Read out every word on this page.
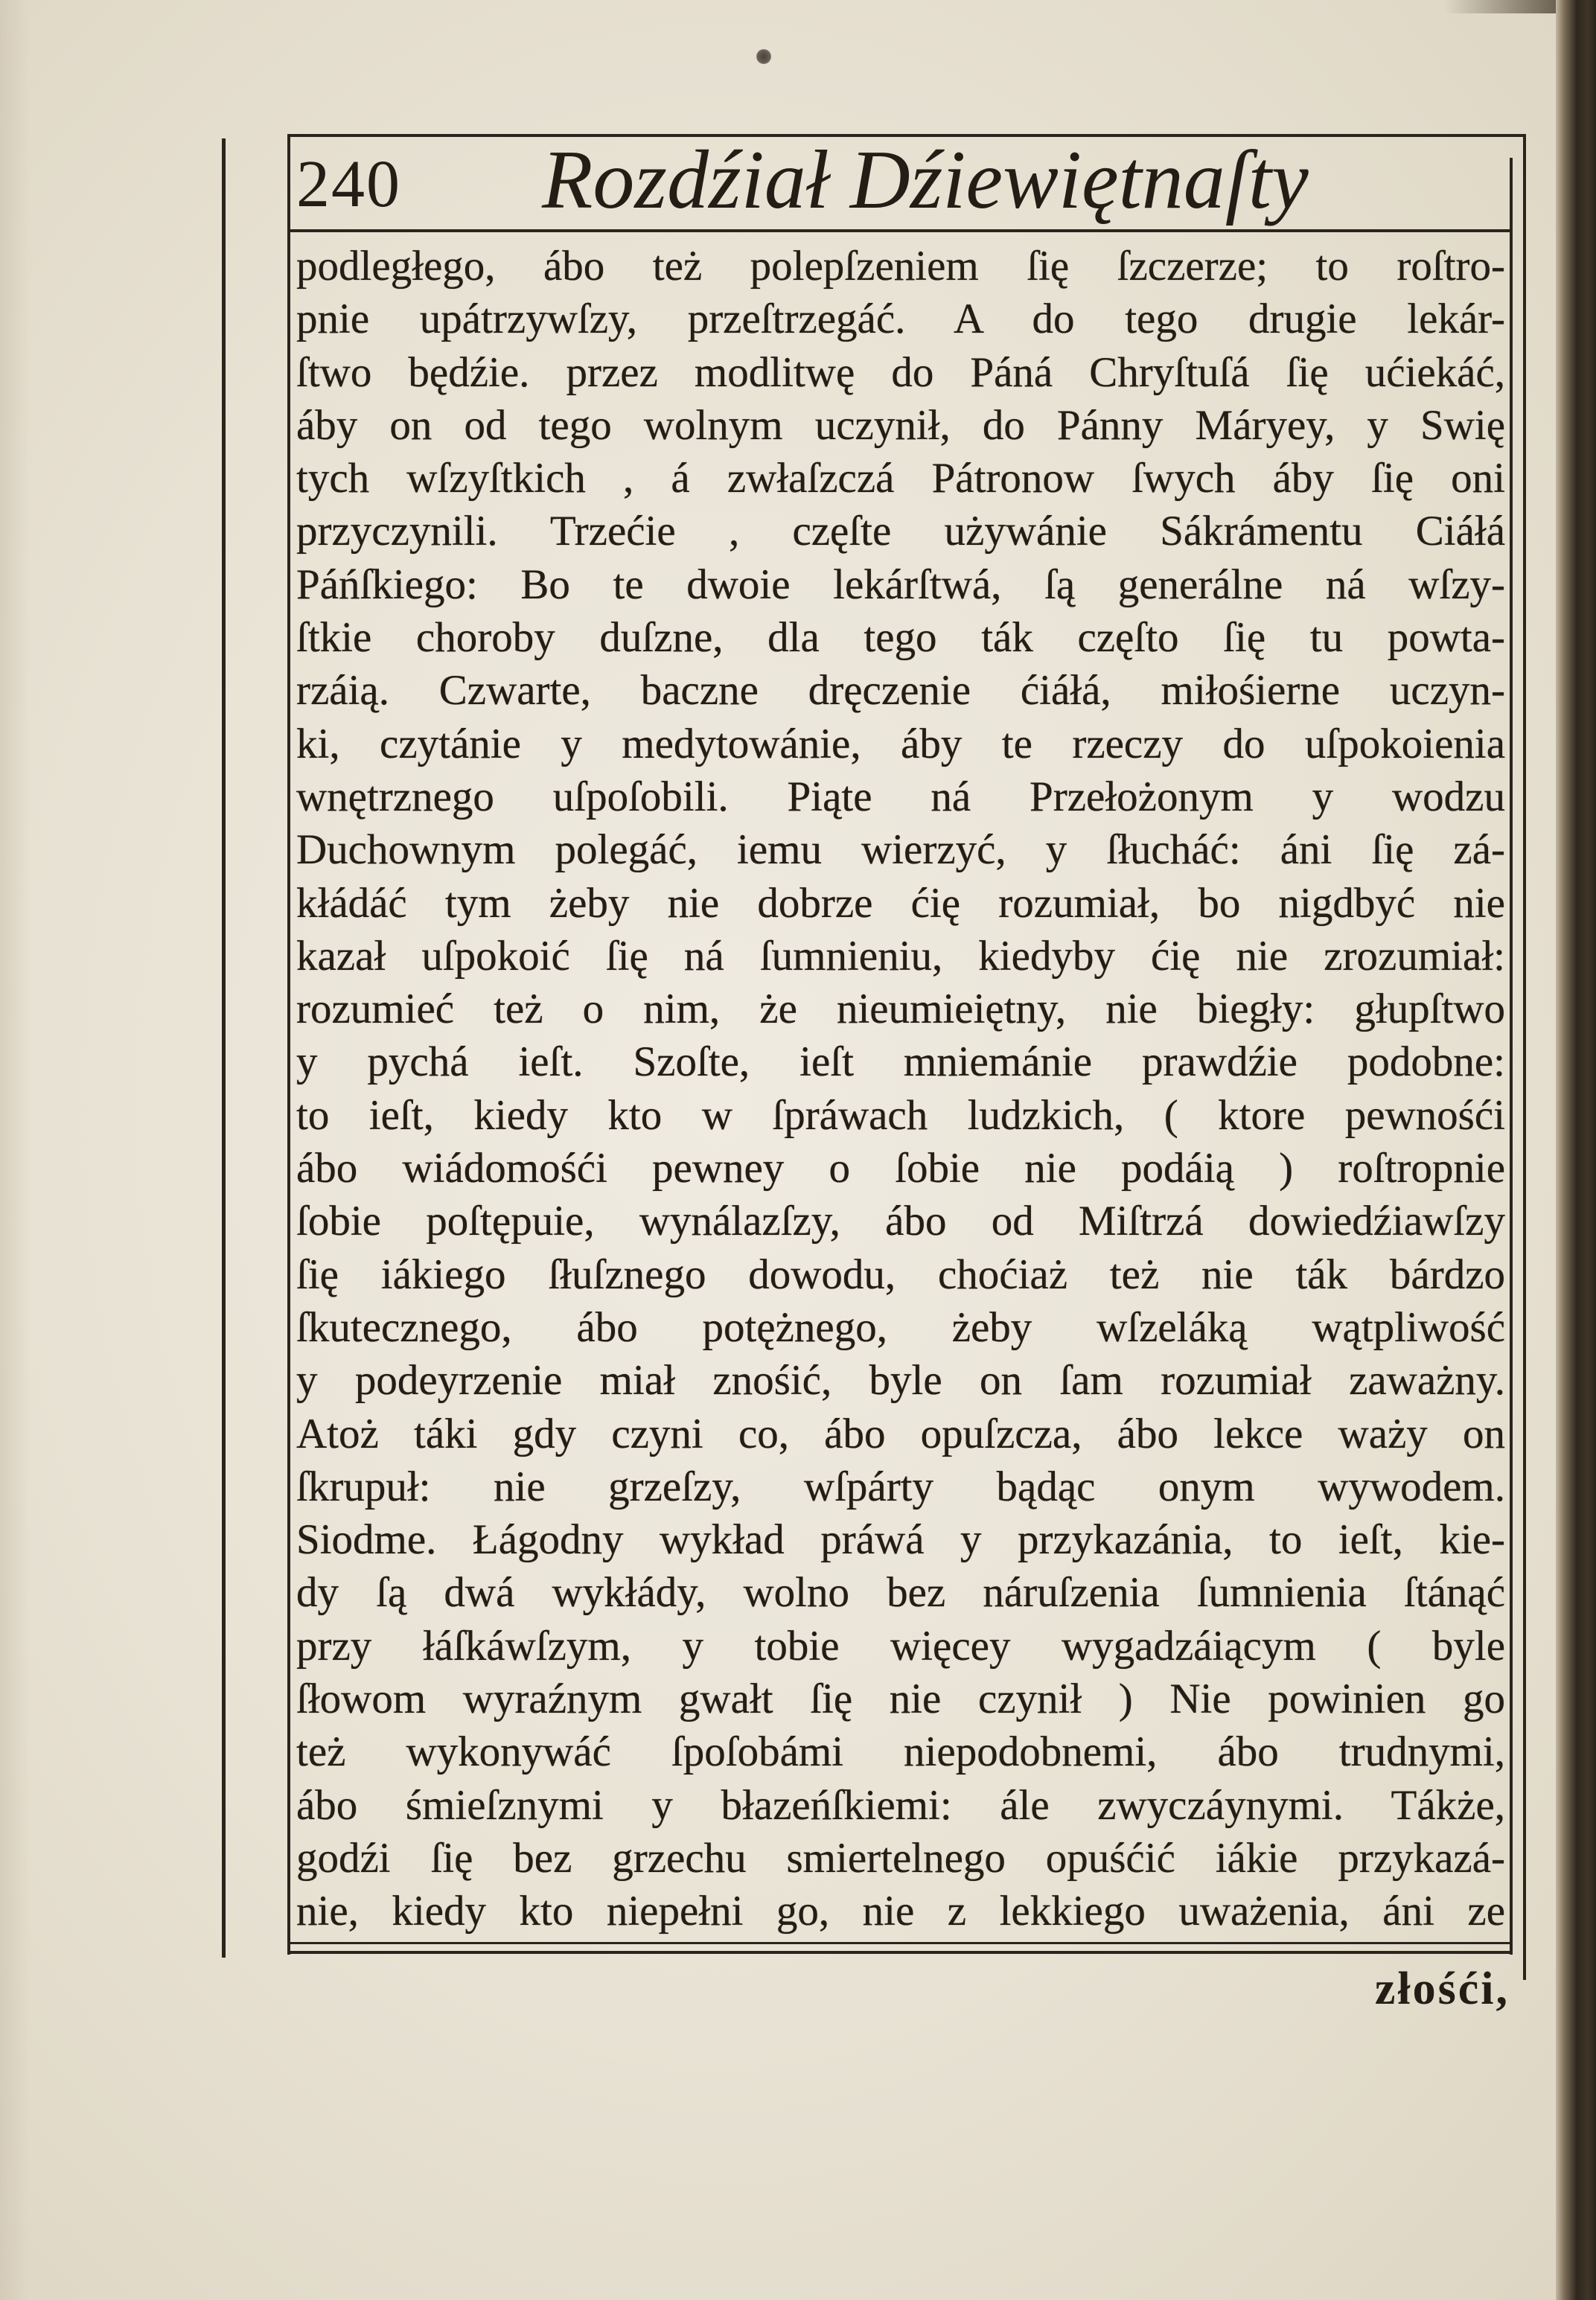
240 Rozdźiał Dźiewiętnaſty
podległego, ábo też polepſzeniem ſię ſzczerze; to roſtro-
pnie upátrzywſzy, przeſtrzegáć. A do tego drugie lekár-
ſtwo będźie. przez modlitwę do Páná Chryſtuſá ſię ućiekáć,
áby on od tego wolnym uczynił, do Pánny Máryey, y Swię
tych wſzyſtkich , á zwłaſzczá Pátronow ſwych áby ſię oni
przyczynili. Trzećie , częſte używánie Sákrámentu Ciáłá
Páńſkiego: Bo te dwoie lekárſtwá, ſą generálne ná wſzy-
ſtkie choroby duſzne, dla tego ták częſto ſię tu powta-
rzáią. Czwarte, baczne dręczenie ćiáłá, miłośierne uczyn-
ki, czytánie y medytowánie, áby te rzeczy do uſpokoienia
wnętrznego uſpoſobili. Piąte ná Przełożonym y wodzu
Duchownym polegáć, iemu wierzyć, y ſłucháć: áni ſię zá-
kłádáć tym żeby nie dobrze ćię rozumiał, bo nigdbyć nie
kazał uſpokoić ſię ná ſumnieniu, kiedyby ćię nie zrozumiał:
rozumieć też o nim, że nieumieiętny, nie biegły: głupſtwo
y pychá ieſt. Szoſte, ieſt mniemánie prawdźie podobne:
to ieſt, kiedy kto w ſpráwach ludzkich, ( ktore pewnośći
ábo wiádomośći pewney o ſobie nie podáią ) roſtropnie
ſobie poſtępuie, wynálazſzy, ábo od Miſtrzá dowiedźiawſzy
ſię iákiego ſłuſznego dowodu, choćiaż też nie ták bárdzo
ſkutecznego, ábo potężnego, żeby wſzeláką wątpliwość
y podeyrzenie miał znośić, byle on ſam rozumiał zaważny.
Atoż táki gdy czyni co, ábo opuſzcza, ábo lekce waży on
ſkrupuł: nie grzeſzy, wſpárty bądąc onym wywodem.
Siodme. Łágodny wykład práwá y przykazánia, to ieſt, kie-
dy ſą dwá wykłády, wolno bez náruſzenia ſumnienia ſtánąć
przy łáſkáwſzym, y tobie więcey wygadzáiącym ( byle
ſłowom wyraźnym gwałt ſię nie czynił ) Nie powinien go
też wykonywáć ſpoſobámi niepodobnemi, ábo trudnymi,
ábo śmieſznymi y błazeńſkiemi: ále zwyczáynymi. Tákże,
godźi ſię bez grzechu smiertelnego opuśćić iákie przykazá-
nie, kiedy kto niepełni go, nie z lekkiego uważenia, áni ze
złośći,
